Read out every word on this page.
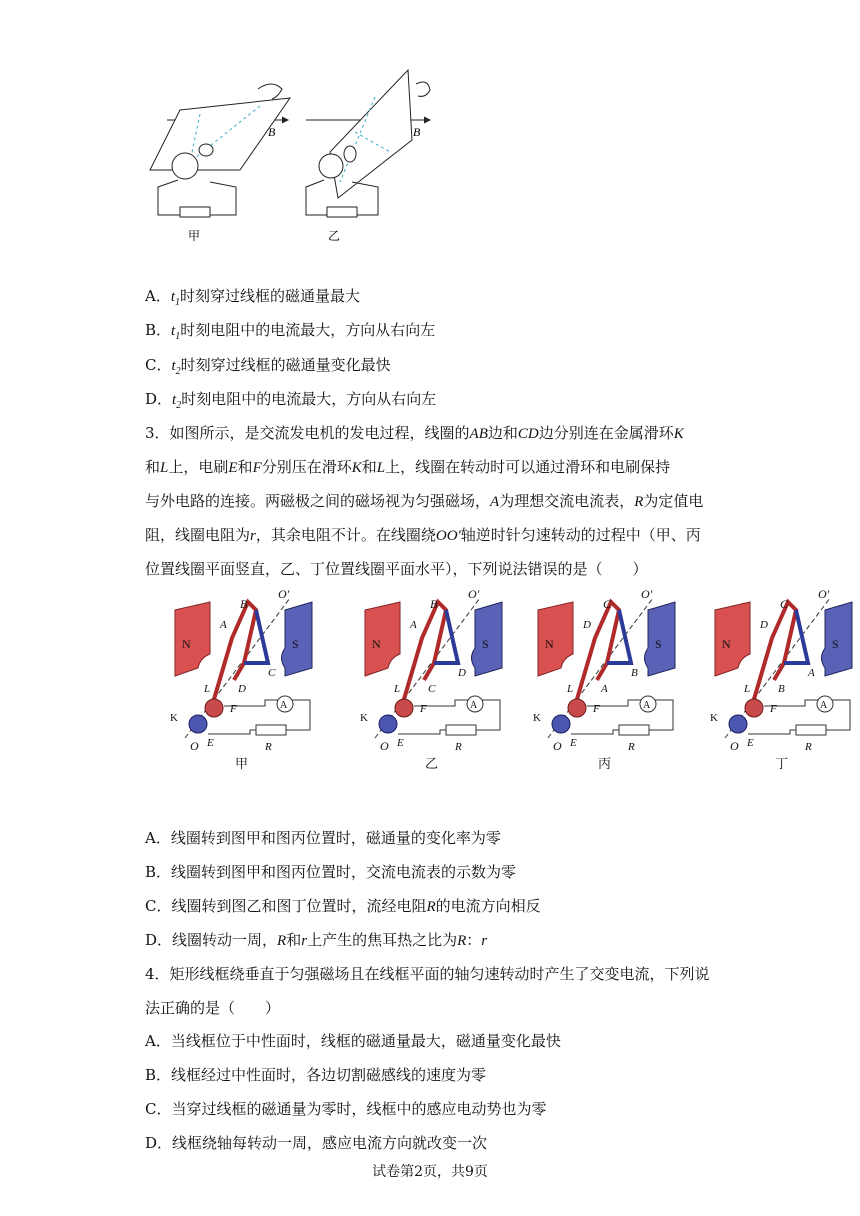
B
甲
B
乙
A．$t_1$时刻穿过线框的磁通量最大
B．$t_1$时刻电阻中的电流最大，方向从右向左
C．$t_2$时刻穿过线框的磁通量变化最快
D．$t_2$时刻电阻中的电流最大，方向从右向左
3．如图所示，是交流发电机的发电过程，线圈的AB边和CD边分别连在金属滑环K
和L上，电刷E和F分别压在滑环K和L上，线圈在转动时可以通过滑环和电刷保持
与外电路的连接。两磁极之间的磁场视为匀强磁场，A为理想交流电流表，R为定值电
阻，线圈电阻为r，其余电阻不计。在线圈绕OO'轴逆时针匀速转动的过程中（甲、丙
位置线圈平面竖直，乙、丁位置线圈平面水平），下列说法错误的是（　　）
N	S
A
B
A
C
D
O′
O
K
L
E
F
R
甲
N	S
A
B
A
D
C
O′
O
K
L
E
F
R
乙
N	S
A
C
D
B
A
O′
O
K
L
E
F
R
丙
N	S
A
C
D
A
B
O′
O
K
L
E
F
R
丁
A．线圈转到图甲和图丙位置时，磁通量的变化率为零
B．线圈转到图甲和图丙位置时，交流电流表的示数为零
C．线圈转到图乙和图丁位置时，流经电阻R的电流方向相反
D．线圈转动一周，R和r上产生的焦耳热之比为R：r
4．矩形线框绕垂直于匀强磁场且在线框平面的轴匀速转动时产生了交变电流，下列说
法正确的是（　　）
A．当线框位于中性面时，线框的磁通量最大，磁通量变化最快
B．线框经过中性面时，各边切割磁感线的速度为零
C．当穿过线框的磁通量为零时，线框中的感应电动势也为零
D．线框绕轴每转动一周，感应电流方向就改变一次
试卷第2页，共9页
